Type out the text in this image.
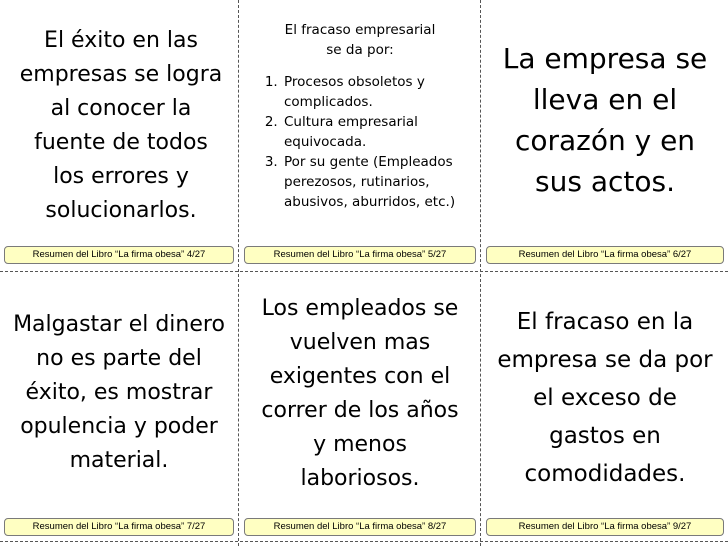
El éxito en las empresas se logra al conocer la fuente de todos los errores y solucionarlos.
Resumen del Libro “La firma obesa” 4/27

El fracaso empresarial

se da por:

1. Procesos obsoletos y complicados.
2. Cultura empresarial equivocada.
3. Por su gente (Empleados perezosos, rutinarios, abusivos, aburridos, etc.)
Resumen del Libro “La firma obesa” 5/27
La empresa se lleva en el corazón y en sus actos.
Resumen del Libro “La firma obesa” 6/27
Malgastar el dinero no es parte del éxito, es mostrar opulencia y poder material.
Resumen del Libro “La firma obesa” 7/27
Los empleados se vuelven mas exigentes con el correr de los años y menos laboriosos.
Resumen del Libro “La firma obesa” 8/27
El fracaso en la empresa se da por el exceso de gastos en comodidades.
Resumen del Libro “La firma obesa” 9/27
